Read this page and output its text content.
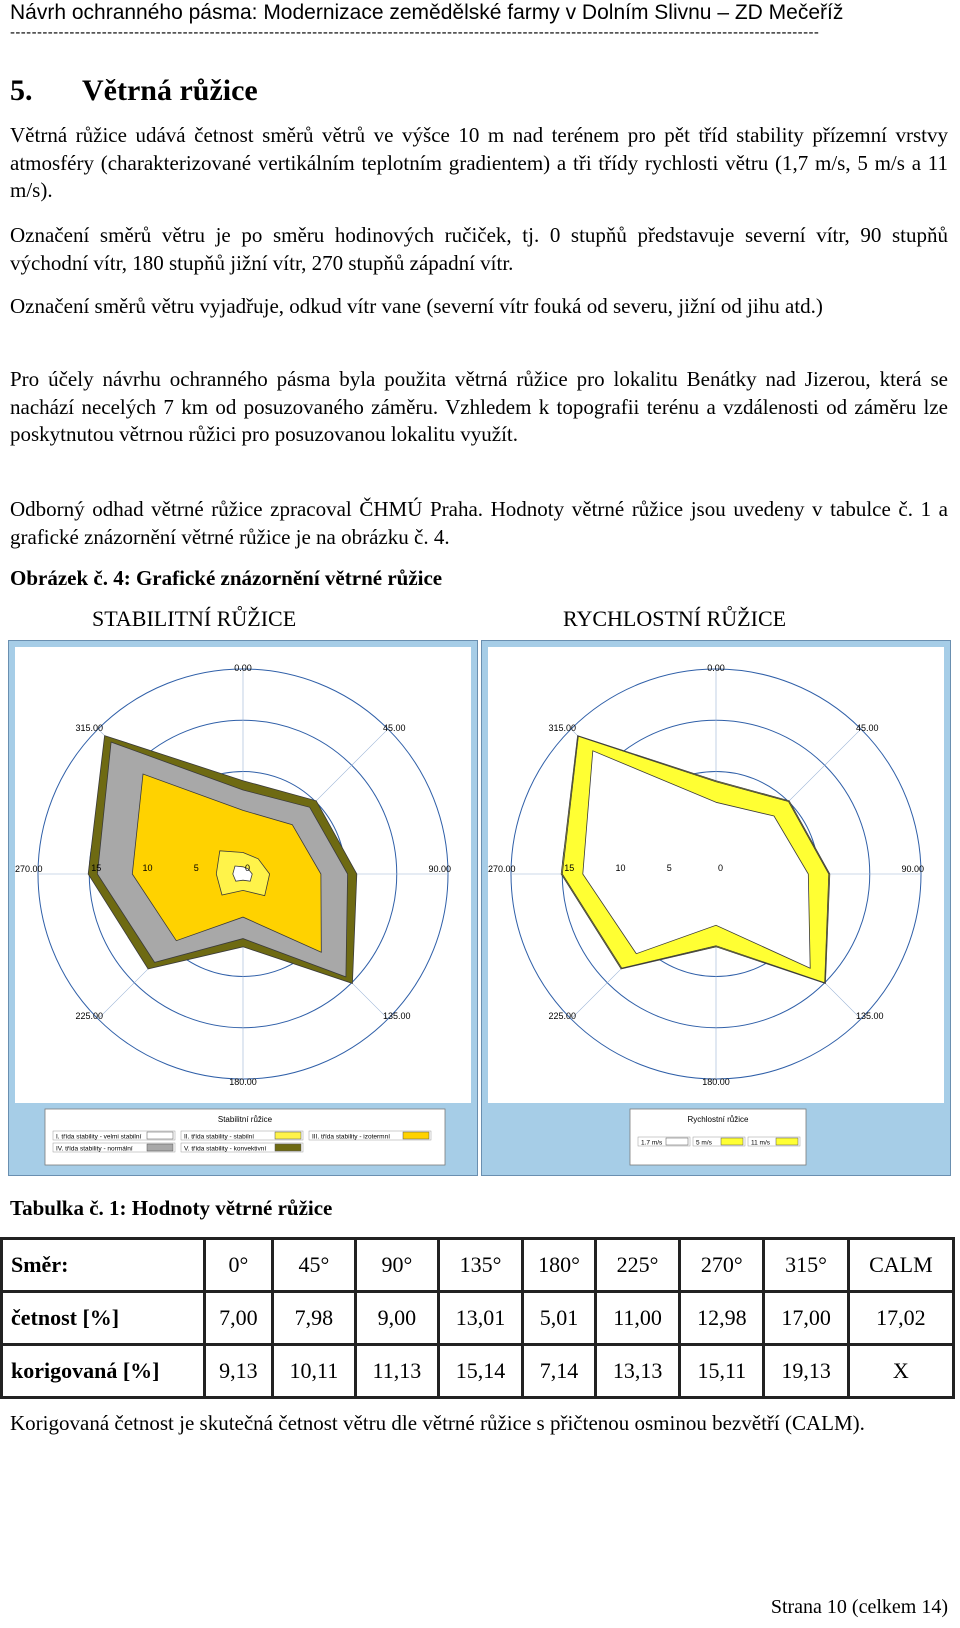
Návrh ochranného pásma: Modernizace zemědělské farmy v Dolním Slivnu – ZD Mečeříž
------------------------------------------------------------------------------------------------------------------------------------------------------
5. Větrná růžice

Větrná růžice udává četnost směrů větrů ve výšce 10 m nad terénem pro pět tříd stability přízemní vrstvy atmosféry (charakterizované vertikálním teplotním gradientem) a tři třídy rychlosti větru (1,7 m/s, 5 m/s a 11 m/s).

Označení směrů větru je po směru hodinových ručiček, tj. 0 stupňů představuje severní vítr, 90 stupňů východní vítr, 180 stupňů jižní vítr, 270 stupňů západní vítr.

Označení směrů větru vyjadřuje, odkud vítr vane (severní vítr fouká od severu, jižní od jihu atd.)

Pro účely návrhu ochranného pásma byla použita větrná růžice pro lokalitu Benátky nad Jizerou, která se nachází necelých 7 km od posuzovaného záměru. Vzhledem k topografii terénu a vzdálenosti od záměru lze poskytnutou větrnou růžici pro posuzovanou lokalitu využít.

Odborný odhad větrné růžice zpracoval ČHMÚ Praha. Hodnoty větrné růžice jsou uvedeny v tabulce č. 1 a grafické znázornění větrné růžice je na obrázku č. 4.

Obrázek č. 4: Grafické znázornění větrné růžice
STABILITNÍ RŮŽICE	RYCHLOSTNÍ RŮŽICE
15	10	5	0
0.00
45.00
90.00
135.00
180.00
225.00
270.00
315.00
Stabilitní růžice
I. třída stability - velmi stabilní	II. třída stability - stabilní	III. třída stability - izotermní
IV. třída stability - normální	V. třída stability - konvektivní
15	10	5	0
0.00
45.00
90.00
135.00
180.00
225.00
270.00
315.00
Rychlostní růžice
1.7 m/s	5 m/s	11 m/s
Tabulka č. 1: Hodnoty větrné růžice
Směr:	0°	45°	90°	135°	180°	225°	270°	315°	CALM
četnost [%]	7,00	7,98	9,00	13,01	5,01	11,00	12,98	17,00	17,02
korigovaná [%]	9,13	10,11	11,13	15,14	7,14	13,13	15,11	19,13	X

Korigovaná četnost je skutečná četnost větru dle větrné růžice s přičtenou osminou bezvětří (CALM).

Strana 10 (celkem 14)
